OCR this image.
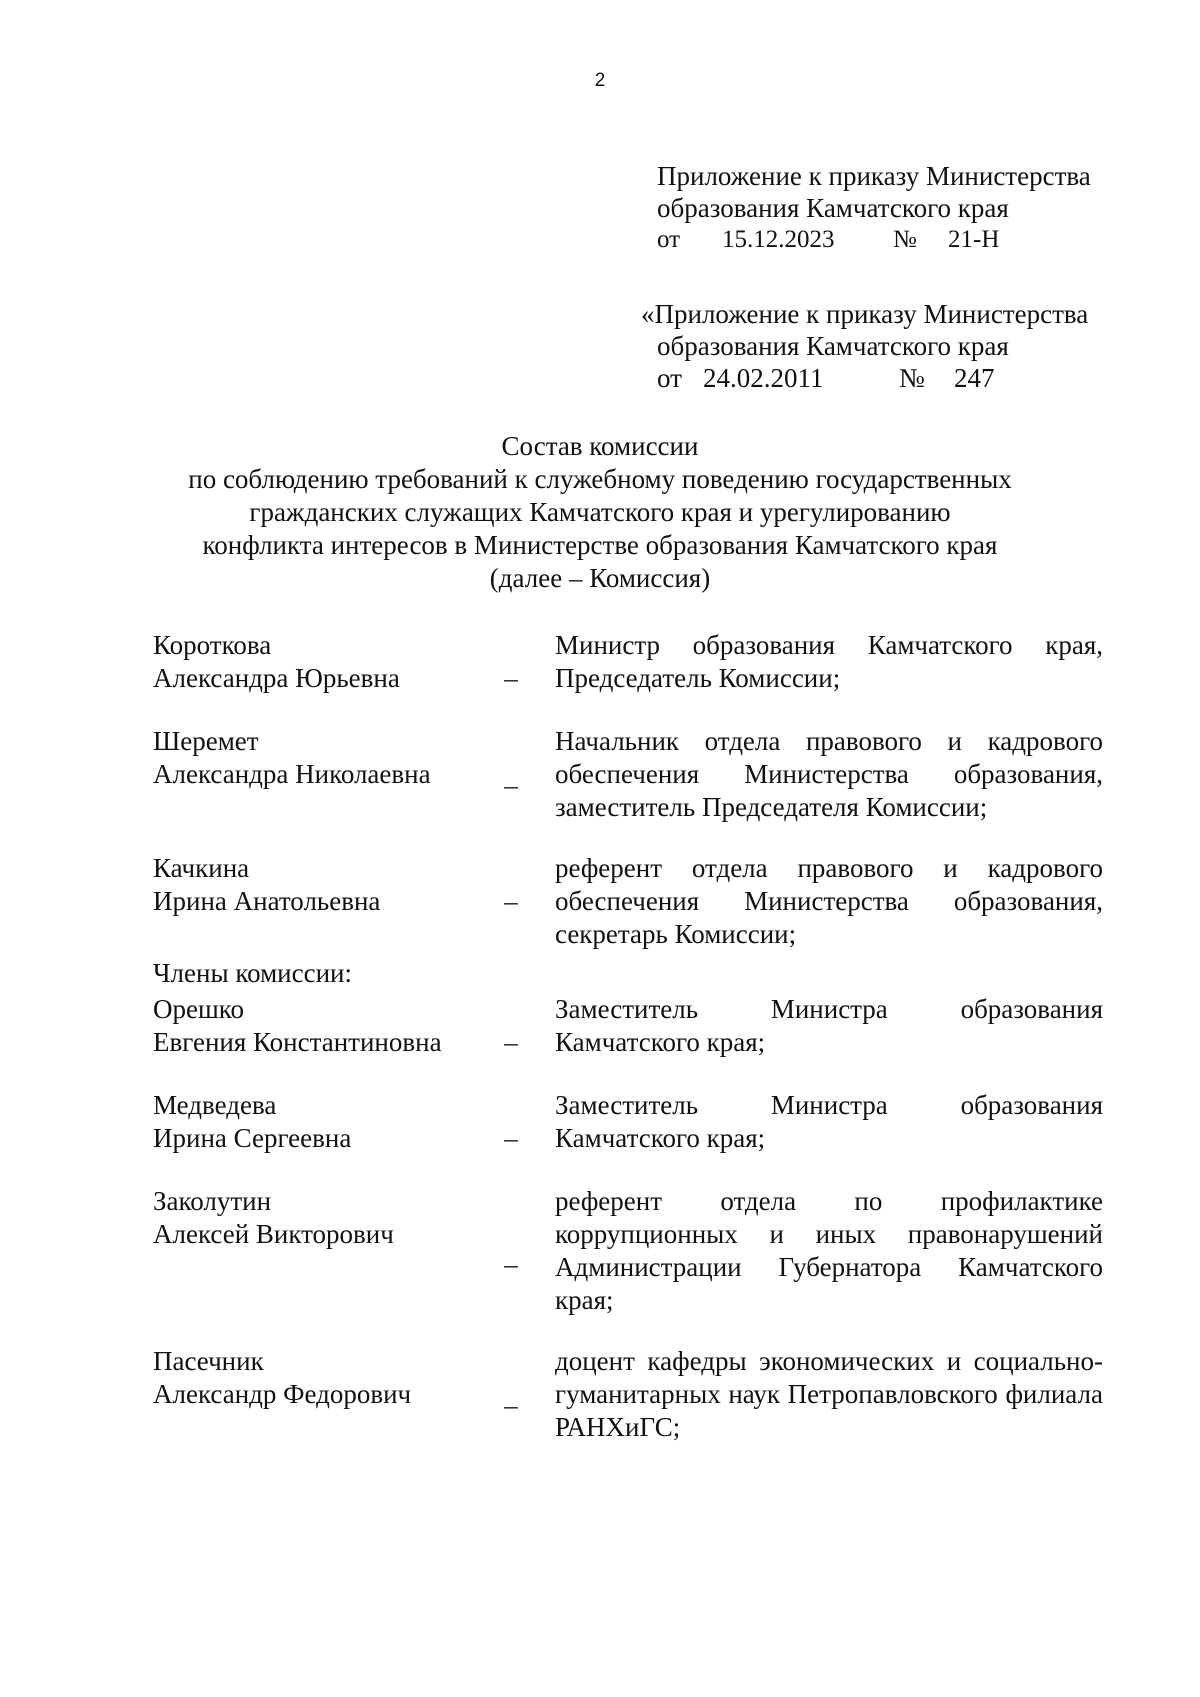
2
Приложение к приказу Министерства
образования Камчатского края
от 15.12.2023 № 21-Н
«Приложение к приказу Министерства
образования Камчатского края
от 24.02.2011	№ 247
Состав комиссии
по соблюдению требований к служебному поведению государственных
гражданских служащих Камчатского края и урегулированию
конфликта интересов в Министерстве образования Камчатского края
(далее – Комиссия)
Короткова
Александра Юрьевна	–
Министр образования Камчатского края, Председатель Комиссии;
Шеремет
Александра Николаевна	–
Начальник отдела правового и кадрового обеспечения Министерства образования, заместитель Председателя Комиссии;
Качкина
Ирина Анатольевна	–
референт отдела правового и кадрового обеспечения Министерства образования, секретарь Комиссии;
Члены комиссии:
Орешко
Евгения Константиновна	–
Заместитель Министра образования Камчатского края;
Медведева
Ирина Сергеевна	–
Заместитель Министра образования Камчатского края;
Заколутин
Алексей Викторович
–
референт отдела по профилактике коррупционных и иных правонарушений Администрации Губернатора Камчатского края;
Пасечник
Александр Федорович	–
доцент кафедры экономических и социально-гуманитарных наук Петропавловского филиала РАНХиГС;
